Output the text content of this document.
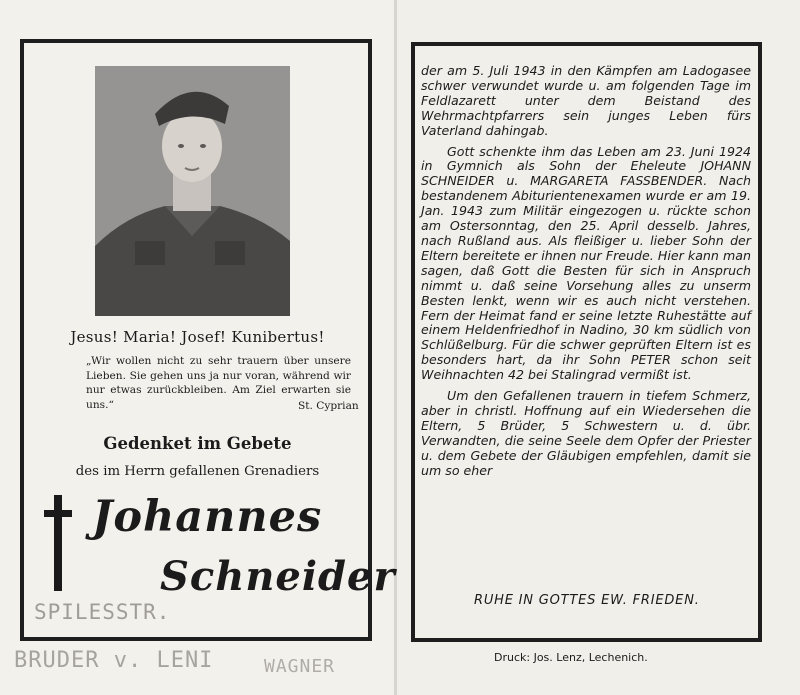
Jesus! Maria! Josef! Kunibertus!
„Wir wollen nicht zu sehr trauern über unsere Lieben. Sie gehen uns ja nur voran, während wir nur etwas zurückbleiben. Am Ziel erwarten sie uns.“	St. Cyprian
Gedenket im Gebete
des im Herrn gefallenen Grenadiers
Johannes
Schneider
SPILESSTR.
BRUDER v. LENI	WAGNER

der am 5. Juli 1943 in den Kämpfen am Ladogasee schwer verwundet wurde u. am folgenden Tage im Feldlazarett unter dem Beistand des Wehrmachtpfarrers sein junges Leben fürs Vaterland dahingab.

Gott schenkte ihm das Leben am 23. Juni 1924 in Gymnich als Sohn der Eheleute JOHANN SCHNEIDER u. MARGARETA FASSBENDER. Nach bestandenem Abiturientenexamen wurde er am 19. Jan. 1943 zum Militär eingezogen u. rückte schon am Ostersonntag, den 25. April desselb. Jahres, nach Rußland aus. Als fleißiger u. lieber Sohn der Eltern bereitete er ihnen nur Freude. Hier kann man sagen, daß Gott die Besten für sich in Anspruch nimmt u. daß seine Vorsehung alles zu unserm Besten lenkt, wenn wir es auch nicht verstehen. Fern der Heimat fand er seine letzte Ruhestätte auf einem Heldenfriedhof in Nadino, 30 km südlich von Schlüßelburg. Für die schwer geprüften Eltern ist es besonders hart, da ihr Sohn PETER schon seit Weihnachten 42 bei Stalingrad vermißt ist.

Um den Gefallenen trauern in tiefem Schmerz, aber in christl. Hoffnung auf ein Wiedersehen die Eltern, 5 Brüder, 5 Schwestern u. d. übr. Verwandten, die seine Seele dem Opfer der Priester u. dem Gebete der Gläubigen empfehlen, damit sie um so eher

RUHE IN GOTTES EW. FRIEDEN.
Druck: Jos. Lenz, Lechenich.
